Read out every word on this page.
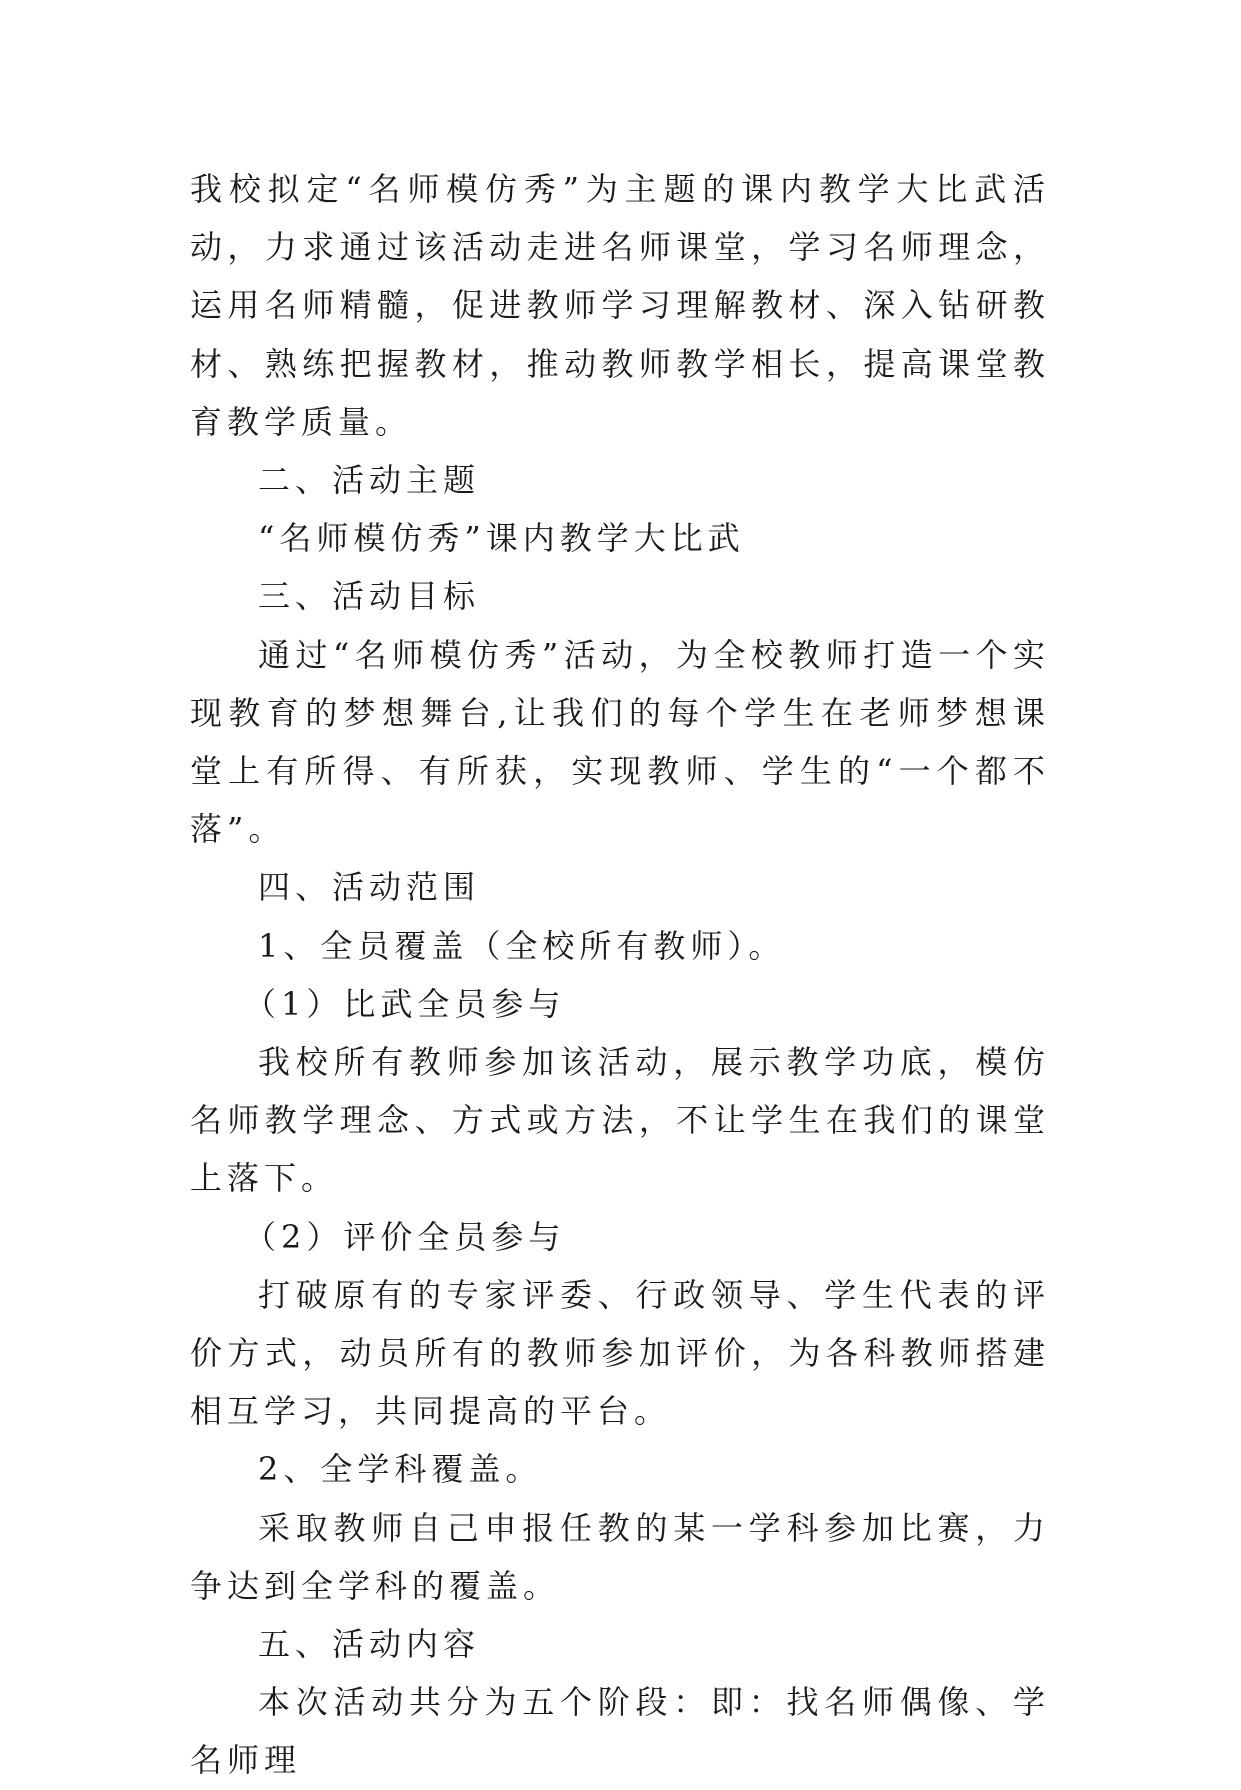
我校拟定“名师模仿秀”为主题的课内教学大比武活动，力求通过该活动走进名师课堂，学习名师理念，运用名师精髓，促进教师学习理解教材、深入钻研教材、熟练把握教材，推动教师教学相长，提高课堂教育教学质量。

二、活动主题

“名师模仿秀”课内教学大比武

三、活动目标

通过“名师模仿秀”活动，为全校教师打造一个实现教育的梦想舞台,让我们的每个学生在老师梦想课堂上有所得、有所获，实现教师、学生的“一个都不落”。

四、活动范围

1、全员覆盖（全校所有教师）。

（1）比武全员参与

我校所有教师参加该活动，展示教学功底，模仿名师教学理念、方式或方法，不让学生在我们的课堂上落下。

（2）评价全员参与

打破原有的专家评委、行政领导、学生代表的评价方式，动员所有的教师参加评价，为各科教师搭建相互学习，共同提高的平台。

2、全学科覆盖。

采取教师自己申报任教的某一学科参加比赛，力争达到全学科的覆盖。

五、活动内容

本次活动共分为五个阶段：即：找名师偶像、学名师理
